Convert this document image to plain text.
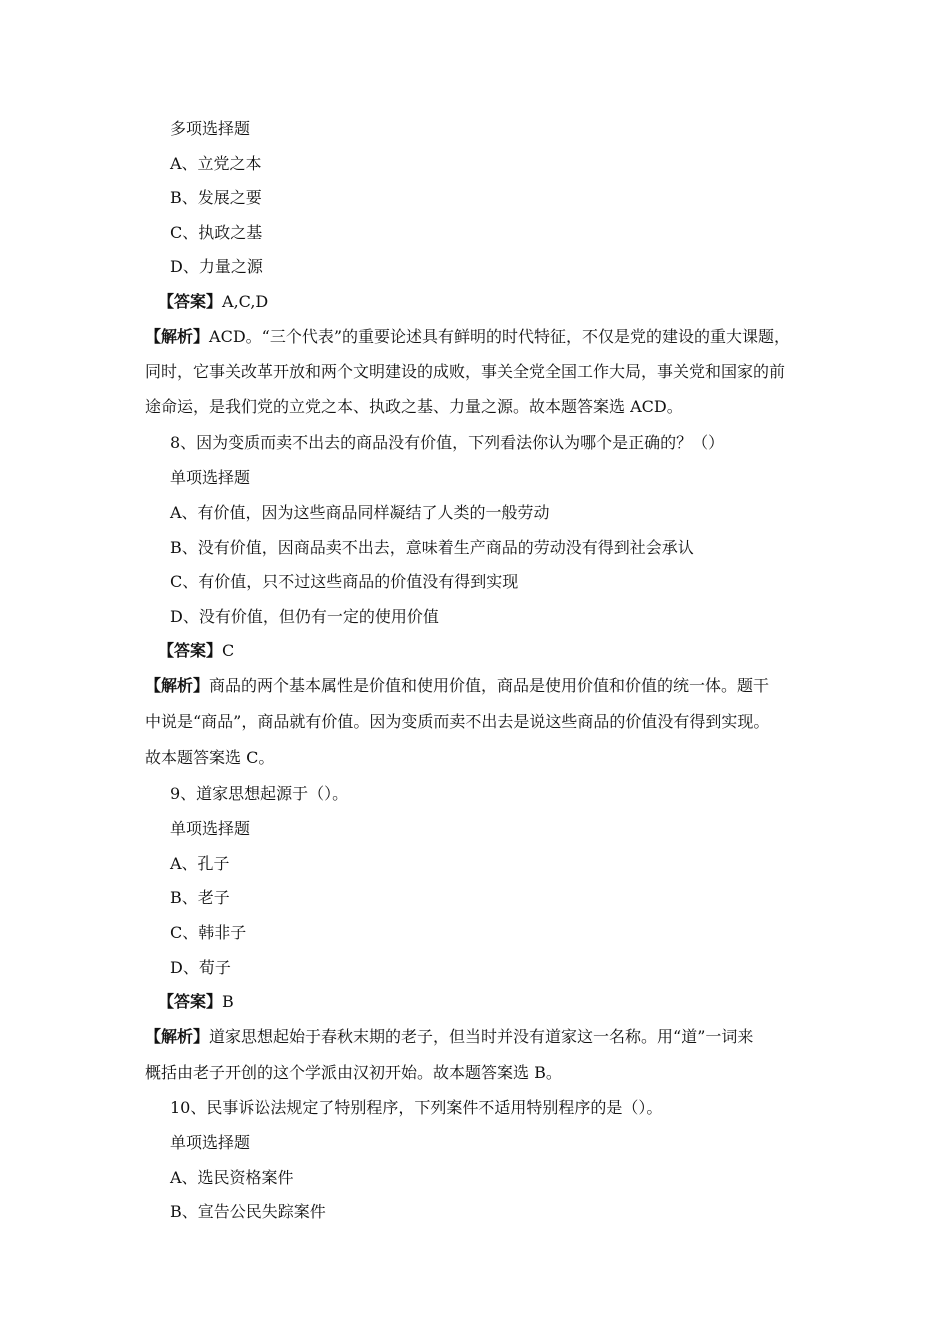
多项选择题
A、立党之本
B、发展之要
C、执政之基
D、力量之源
【答案】A,C,D
【解析】ACD。“三个代表”的重要论述具有鲜明的时代特征，不仅是党的建设的重大课题，
同时，它事关改革开放和两个文明建设的成败，事关全党全国工作大局，事关党和国家的前
途命运，是我们党的立党之本、执政之基、力量之源。故本题答案选 ACD。
8、因为变质而卖不出去的商品没有价值，下列看法你认为哪个是正确的？（）
单项选择题
A、有价值，因为这些商品同样凝结了人类的一般劳动
B、没有价值，因商品卖不出去，意味着生产商品的劳动没有得到社会承认
C、有价值，只不过这些商品的价值没有得到实现
D、没有价值，但仍有一定的使用价值
【答案】C
【解析】商品的两个基本属性是价值和使用价值，商品是使用价值和价值的统一体。题干
中说是“商品”，商品就有价值。因为变质而卖不出去是说这些商品的价值没有得到实现。
故本题答案选 C。
9、道家思想起源于（）。
单项选择题
A、孔子
B、老子
C、韩非子
D、荀子
【答案】B
【解析】道家思想起始于春秋末期的老子，但当时并没有道家这一名称。用“道”一词来
概括由老子开创的这个学派由汉初开始。故本题答案选 B。
10、民事诉讼法规定了特别程序，下列案件不适用特别程序的是（）。
单项选择题
A、选民资格案件
B、宣告公民失踪案件
